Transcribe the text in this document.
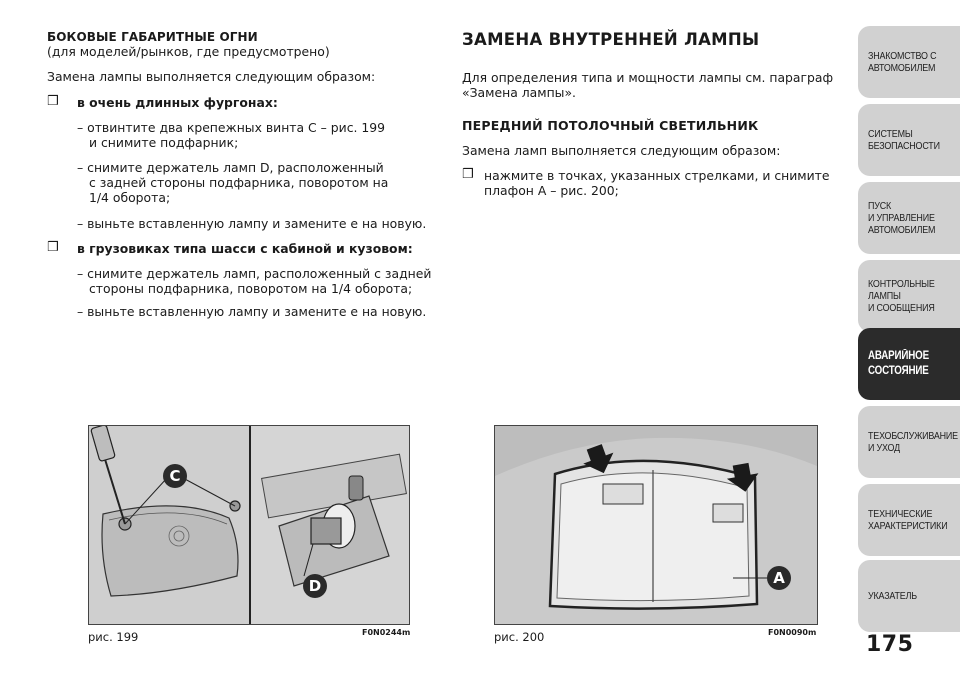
БОКОВЫЕ ГАБАРИТНЫЕ ОГНИ
(для моделей/рынков, где предусмотрено)
Замена лампы выполняется следующим образом:
❒ в очень длинных фургонах:
– отвинтите два крепежных винта C – рис. 199
и снимите подфарник;
– снимите держатель ламп D, расположенный
с задней стороны подфарника, поворотом на
1/4 оборота;
– выньте вставленную лампу и замените е на новую.
❒ в грузовиках типа шасси с кабиной и кузовом:
– снимите держатель ламп, расположенный с задней
стороны подфарника, поворотом на 1/4 оборота;
– выньте вставленную лампу и замените е на новую.
ЗАМЕНА ВНУТРЕННЕЙ ЛАМПЫ
Для определения типа и мощности лампы см. параграф
«Замена лампы».
ПЕРЕДНИЙ ПОТОЛОЧНЫЙ СВЕТИЛЬНИК
Замена ламп выполняется следующим образом:
❒ нажмите в точках, указанных стрелками, и снимите
плафон A – рис. 200;
C
D
рис. 199	F0N0244m
A
рис. 200	F0N0090m
ЗНАКОМСТВО С
АВТОМОБИЛЕМ
СИСТЕМЫ
БЕЗОПАСНОСТИ
ПУСК
И УПРАВЛЕНИЕ
АВТОМОБИЛЕМ
КОНТРОЛЬНЫЕ
ЛАМПЫ
И СООБЩЕНИЯ
АВАРИЙНОЕ
СОСТОЯНИЕ
ТЕХОБСЛУЖИВАНИЕ
И УХОД
ТЕХНИЧЕСКИЕ
ХАРАКТЕРИСТИКИ
УКАЗАТЕЛЬ
175
